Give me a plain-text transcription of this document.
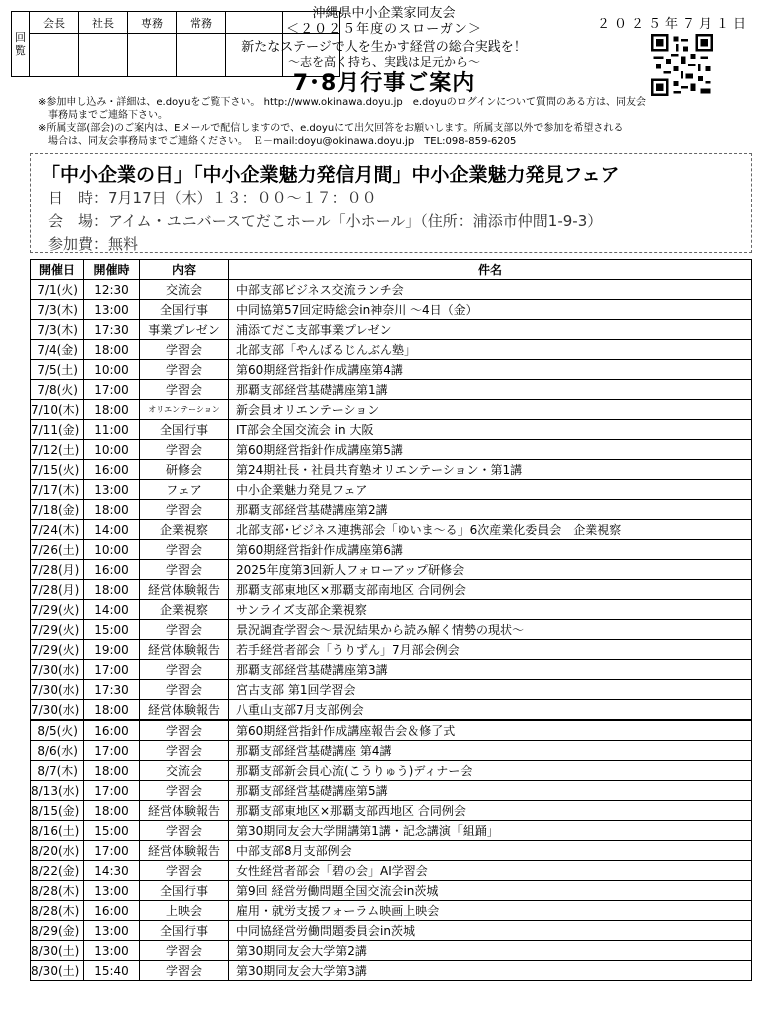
回覧	会長	社長	専務	常務		
						２０２５年７月１日
沖縄県中小企業家同友会
＜２０２５年度のスローガン＞
新たなステージで人を生かす経営の総合実践を！
～志を高く持ち、実践は足元から～
7･8月行事ご案内

※参加申し込み・詳細は、e.doyuをご覧下さい。 http://www.okinawa.doyu.jp　e.doyuのログインについて質問のある方は、同友会

事務局までご連絡下さい。

※所属支部(部会)のご案内は、Eメールで配信しますので、e.doyuにて出欠回答をお願いします。所属支部以外で参加を希望される

場合は、同友会事務局までご連絡ください。　Ｅ－mail:doyu@okinawa.doyu.jp　TEL:098-859-6205

「中小企業の日」「中小企業魅力発信月間」中小企業魅力発見フェア
日　時：7月17日（木）１３：００～１７：００
会　場：アイム・ユニバースてだこホール「小ホール」（住所：浦添市仲間1-9-3）
参加費：無料
開催日	開催時	内容	件名
7/1(火)	12:30	交流会	中部支部ビジネス交流ランチ会
7/3(木)	13:00	全国行事	中同協第57回定時総会in神奈川 ～4日（金）
7/3(木)	17:30	事業プレゼン	浦添てだこ支部事業プレゼン
7/4(金)	18:00	学習会	北部支部「やんばるじんぶん塾」
7/5(土)	10:00	学習会	第60期経営指針作成講座第4講
7/8(火)	17:00	学習会	那覇支部経営基礎講座第1講
7/10(木)	18:00	オリエンテーション	新会員オリエンテーション
7/11(金)	11:00	全国行事	IT部会全国交流会 in 大阪
7/12(土)	10:00	学習会	第60期経営指針作成講座第5講
7/15(火)	16:00	研修会	第24期社長・社員共育塾オリエンテーション・第1講
7/17(木)	13:00	フェア	中小企業魅力発見フェア
7/18(金)	18:00	学習会	那覇支部経営基礎講座第2講
7/24(木)	14:00	企業視察	北部支部･ビジネス連携部会「ゆいま～る」6次産業化委員会　企業視察
7/26(土)	10:00	学習会	第60期経営指針作成講座第6講
7/28(月)	16:00	学習会	2025年度第3回新人フォローアップ研修会
7/28(月)	18:00	経営体験報告	那覇支部東地区×那覇支部南地区 合同例会
7/29(火)	14:00	企業視察	サンライズ支部企業視察
7/29(火)	15:00	学習会	景況調査学習会～景況結果から読み解く情勢の現状～
7/29(火)	19:00	経営体験報告	若手経営者部会「うりずん」7月部会例会
7/30(水)	17:00	学習会	那覇支部経営基礎講座第3講
7/30(水)	17:30	学習会	宮古支部 第1回学習会
7/30(水)	18:00	経営体験報告	八重山支部7月支部例会
8/5(火)	16:00	学習会	第60期経営指針作成講座報告会＆修了式
8/6(水)	17:00	学習会	那覇支部経営基礎講座 第4講
8/7(木)	18:00	交流会	那覇支部新会員心流(こうりゅう)ディナー会
8/13(水)	17:00	学習会	那覇支部経営基礎講座第5講
8/15(金)	18:00	経営体験報告	那覇支部東地区×那覇支部西地区 合同例会
8/16(土)	15:00	学習会	第30期同友会大学開講第1講・記念講演「組踊」
8/20(水)	17:00	経営体験報告	中部支部8月支部例会
8/22(金)	14:30	学習会	女性経営者部会「碧の会」AI学習会
8/28(木)	13:00	全国行事	第9回 経営労働問題全国交流会in茨城
8/28(木)	16:00	上映会	雇用・就労支援フォーラム映画上映会
8/29(金)	13:00	全国行事	中同協経営労働問題委員会in茨城
8/30(土)	13:00	学習会	第30期同友会大学第2講
8/30(土)	15:40	学習会	第30期同友会大学第3講
